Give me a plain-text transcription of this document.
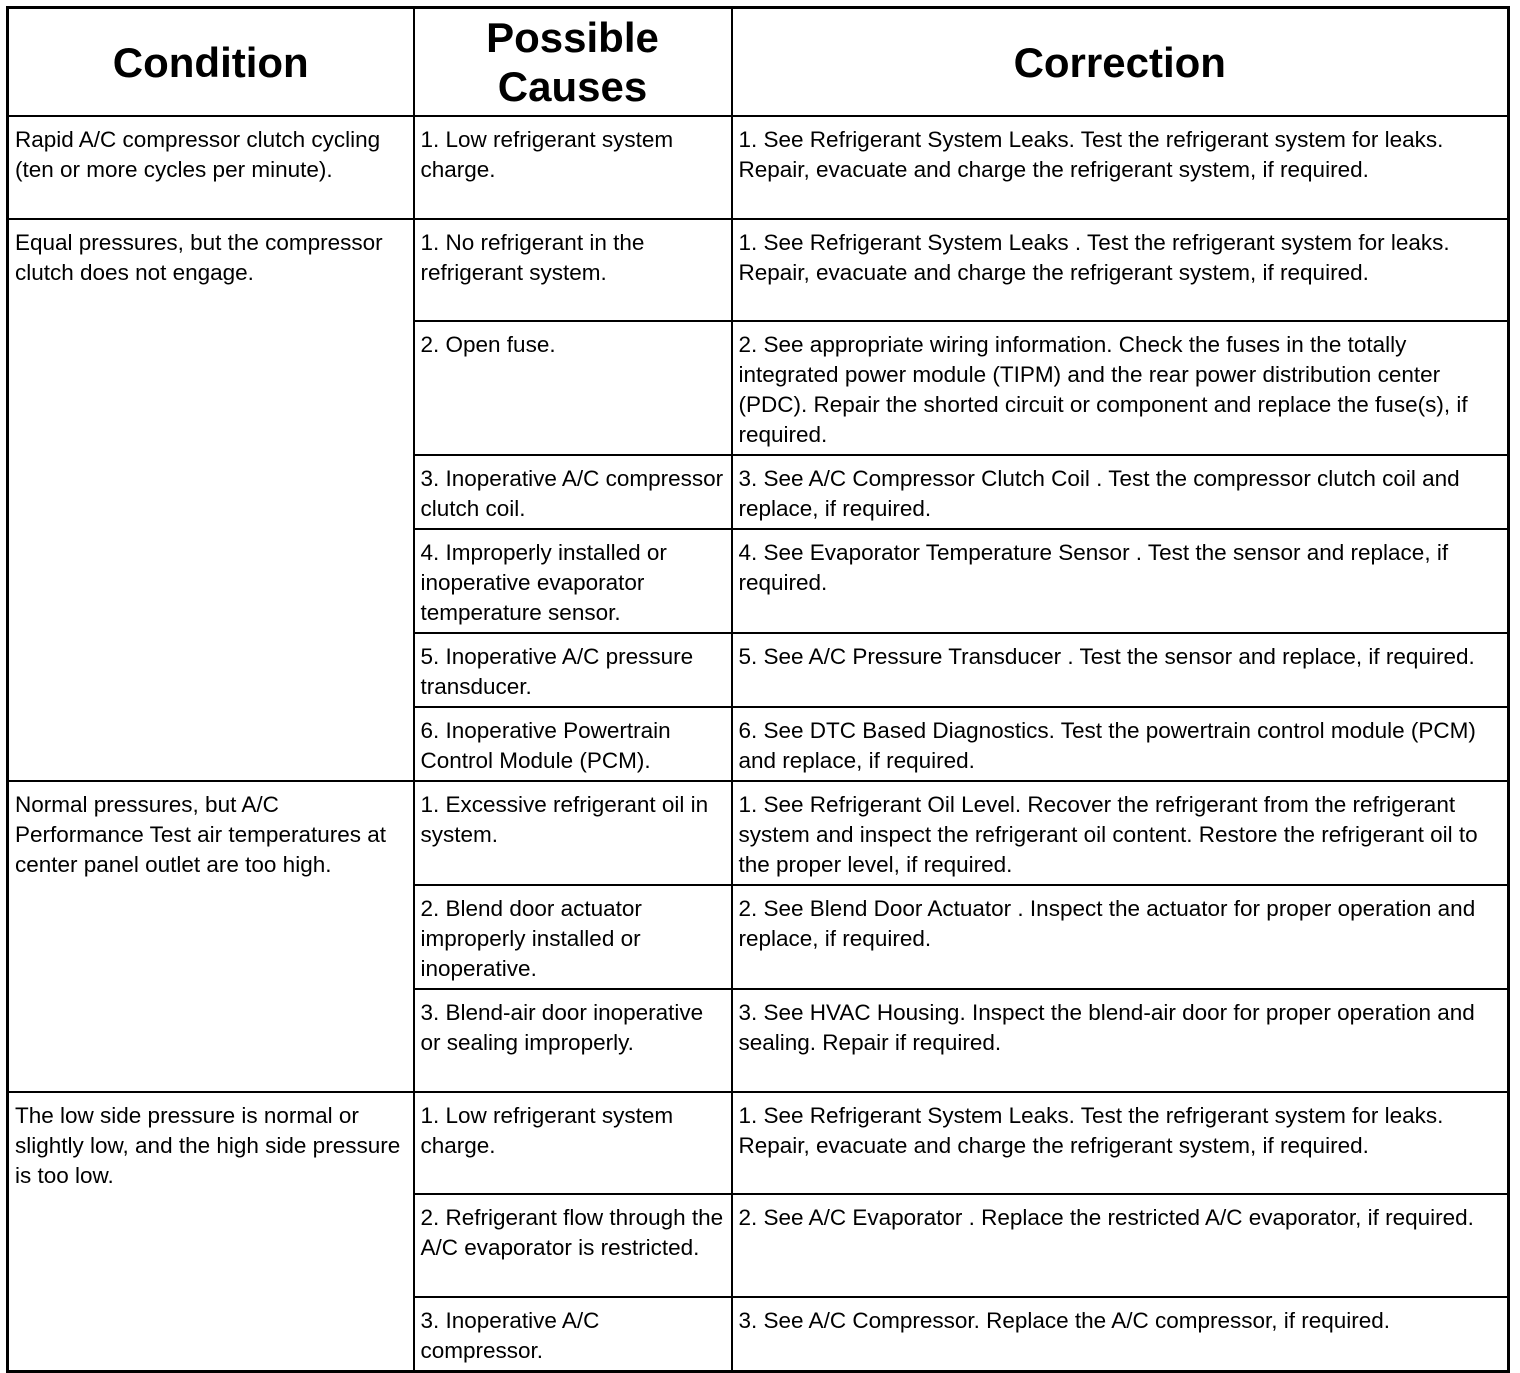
Condition	Possible Causes	Correction
Rapid A/C compressor clutch cycling (ten or more cycles per minute).	1. Low refrigerant system charge.	1. See Refrigerant System Leaks. Test the refrigerant system for leaks. Repair, evacuate and charge the refrigerant system, if required.
Equal pressures, but the compressor clutch does not engage.	1. No refrigerant in the refrigerant system.	1. See Refrigerant System Leaks . Test the refrigerant system for leaks. Repair, evacuate and charge the refrigerant system, if required.
	2. Open fuse.	2. See appropriate wiring information. Check the fuses in the totally integrated power module (TIPM) and the rear power distribution center (PDC). Repair the shorted circuit or component and replace the fuse(s), if required.
	3. Inoperative A/C compressor clutch coil.	3. See A/C Compressor Clutch Coil . Test the compressor clutch coil and replace, if required.
	4. Improperly installed or inoperative evaporator temperature sensor.	4. See Evaporator Temperature Sensor . Test the sensor and replace, if required.
	5. Inoperative A/C pressure transducer.	5. See A/C Pressure Transducer . Test the sensor and replace, if required.
	6. Inoperative Powertrain Control Module (PCM).	6. See DTC Based Diagnostics. Test the powertrain control module (PCM) and replace, if required.
Normal pressures, but A/C Performance Test air temperatures at center panel outlet are too high.	1. Excessive refrigerant oil in system.	1. See Refrigerant Oil Level. Recover the refrigerant from the refrigerant system and inspect the refrigerant oil content. Restore the refrigerant oil to the proper level, if required.
	2. Blend door actuator improperly installed or inoperative.	2. See Blend Door Actuator . Inspect the actuator for proper operation and replace, if required.
	3. Blend-air door inoperative or sealing improperly.	3. See HVAC Housing. Inspect the blend-air door for proper operation and sealing. Repair if required.
The low side pressure is normal or slightly low, and the high side pressure is too low.	1. Low refrigerant system charge.	1. See Refrigerant System Leaks. Test the refrigerant system for leaks. Repair, evacuate and charge the refrigerant system, if required.
	2. Refrigerant flow through the A/C evaporator is restricted.	2. See A/C Evaporator . Replace the restricted A/C evaporator, if required.
	3. Inoperative A/C compressor.	3. See A/C Compressor. Replace the A/C compressor, if required.
